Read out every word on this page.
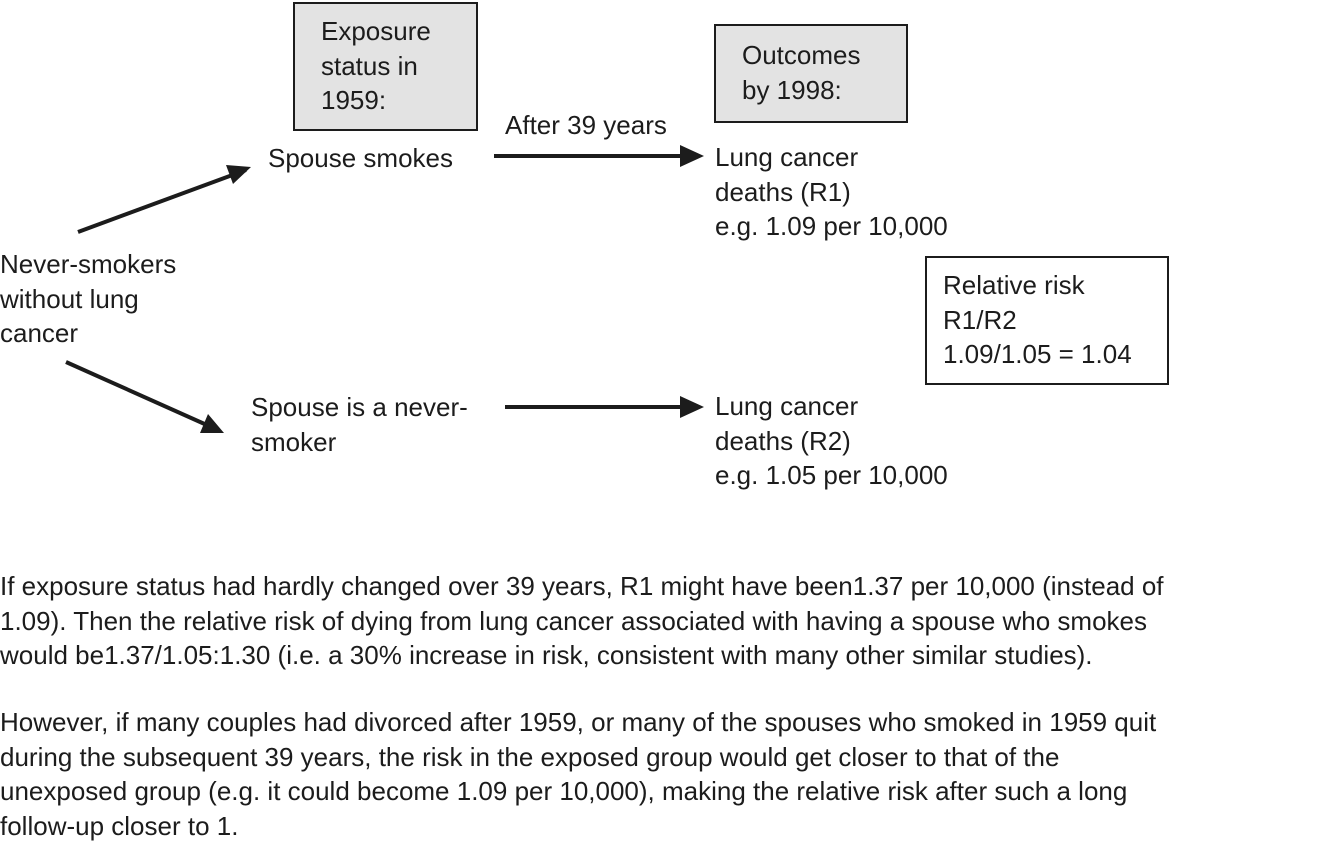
Exposure

status in

1959:

Outcomes

by 1998:

After 39 years

Never-smokers

without lung

cancer

Spouse smokes

Spouse is a never-

smoker

Lung cancer

deaths (R1)

e.g. 1.09 per 10,000

Lung cancer

deaths (R2)

e.g. 1.05 per 10,000

Relative risk

R1/R2

1.09/1.05 = 1.04

If exposure status had hardly changed over 39 years, R1 might have been1.37 per 10,000 (instead of
1.09). Then the relative risk of dying from lung cancer associated with having a spouse who smokes
would be1.37/1.05:1.30 (i.e. a 30% increase in risk, consistent with many other similar studies).
However, if many couples had divorced after 1959, or many of the spouses who smoked in 1959 quit
during the subsequent 39 years, the risk in the exposed group would get closer to that of the
unexposed group (e.g. it could become 1.09 per 10,000), making the relative risk after such a long
follow-up closer to 1.
